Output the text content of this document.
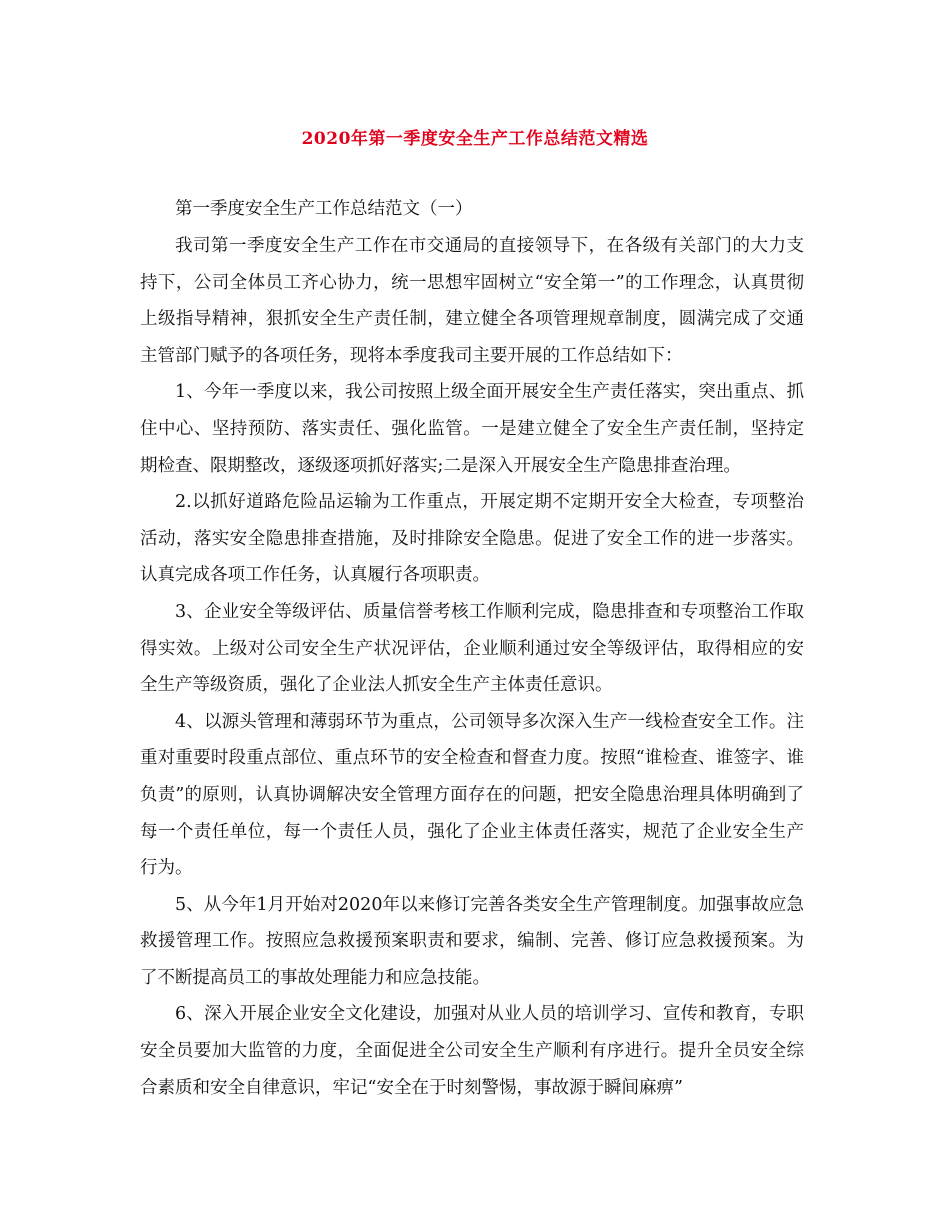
2020年第一季度安全生产工作总结范文精选

第一季度安全生产工作总结范文（一）

我司第一季度安全生产工作在市交通局的直接领导下，在各级有关部门的大力支持下，公司全体员工齐心协力，统一思想牢固树立“安全第一”的工作理念，认真贯彻上级指导精神，狠抓安全生产责任制，建立健全各项管理规章制度，圆满完成了交通主管部门赋予的各项任务，现将本季度我司主要开展的工作总结如下：

1、今年一季度以来，我公司按照上级全面开展安全生产责任落实，突出重点、抓住中心、坚持预防、落实责任、强化监管。一是建立健全了安全生产责任制，坚持定期检查、限期整改，逐级逐项抓好落实;二是深入开展安全生产隐患排查治理。

2.以抓好道路危险品运输为工作重点，开展定期不定期开安全大检查，专项整治活动，落实安全隐患排查措施，及时排除安全隐患。促进了安全工作的进一步落实。认真完成各项工作任务，认真履行各项职责。

3、企业安全等级评估、质量信誉考核工作顺利完成，隐患排查和专项整治工作取得实效。上级对公司安全生产状况评估，企业顺利通过安全等级评估，取得相应的安全生产等级资质，强化了企业法人抓安全生产主体责任意识。

4、以源头管理和薄弱环节为重点，公司领导多次深入生产一线检查安全工作。注重对重要时段重点部位、重点环节的安全检查和督查力度。按照“谁检查、谁签字、谁负责”的原则，认真协调解决安全管理方面存在的问题，把安全隐患治理具体明确到了每一个责任单位，每一个责任人员，强化了企业主体责任落实，规范了企业安全生产行为。

5、从今年1月开始对2020年以来修订完善各类安全生产管理制度。加强事故应急救援管理工作。按照应急救援预案职责和要求，编制、完善、修订应急救援预案。为了不断提高员工的事故处理能力和应急技能。

6、深入开展企业安全文化建设，加强对从业人员的培训学习、宣传和教育，专职安全员要加大监管的力度，全面促进全公司安全生产顺利有序进行。提升全员安全综合素质和安全自律意识，牢记“安全在于时刻警惕，事故源于瞬间麻痹”
